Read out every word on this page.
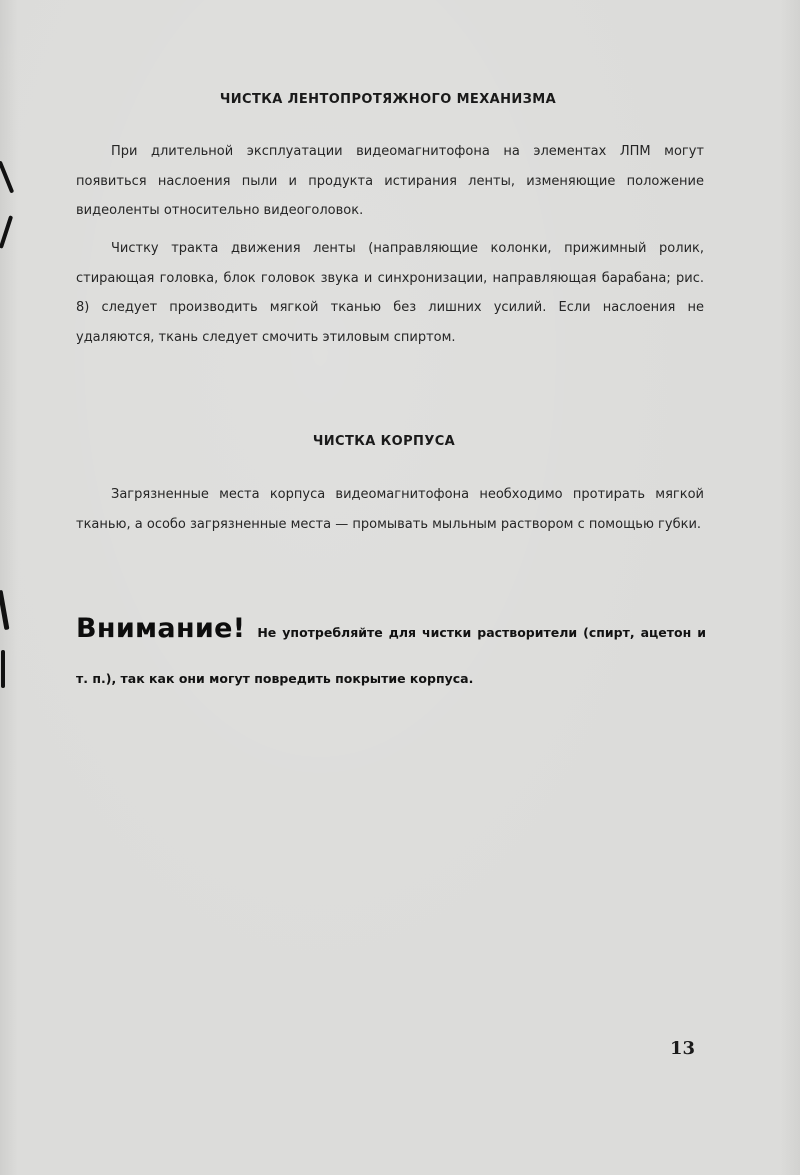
ЧИСТКА ЛЕНТОПРОТЯЖНОГО МЕХАНИЗМА

При длительной эксплуатации видеомагнитофона на элементах ЛПМ могут появиться наслоения пыли и продукта истирания ленты, изменяющие положение видеоленты относительно видеоголовок.

Чистку тракта движения ленты (направляющие колонки, прижимный ролик, стирающая головка, блок головок звука и синхронизации, направляющая барабана; рис. 8) следует производить мягкой тканью без лишних усилий. Если наслоения не удаляются, ткань следует смочить этиловым спиртом.

ЧИСТКА КОРПУСА

Загрязненные места корпуса видеомагнитофона необходимо протирать мягкой тканью, а особо загрязненные места — промывать мыльным раствором с помощью губки.

Внимание! Не употребляйте для чистки растворители (спирт, ацетон и т. п.), так как они могут повредить покрытие корпуса.

13
